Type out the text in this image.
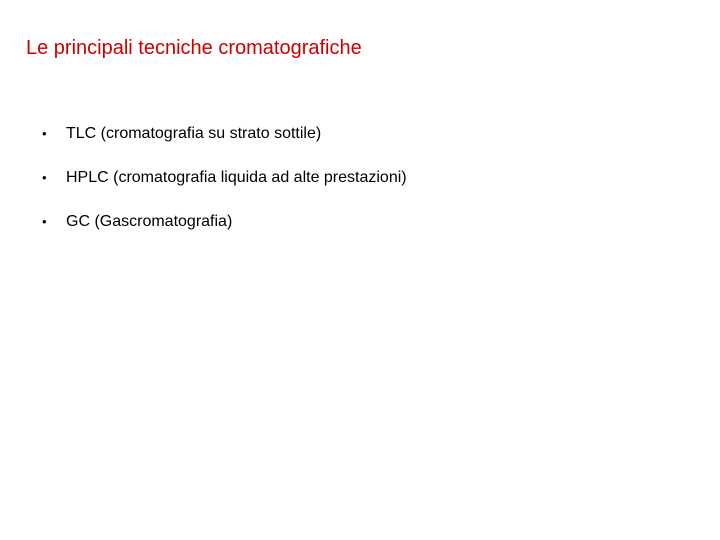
Le principali tecniche cromatografiche
•	TLC (cromatografia su strato sottile)
•	HPLC (cromatografia liquida ad alte prestazioni)
•	GC (Gascromatografia)
